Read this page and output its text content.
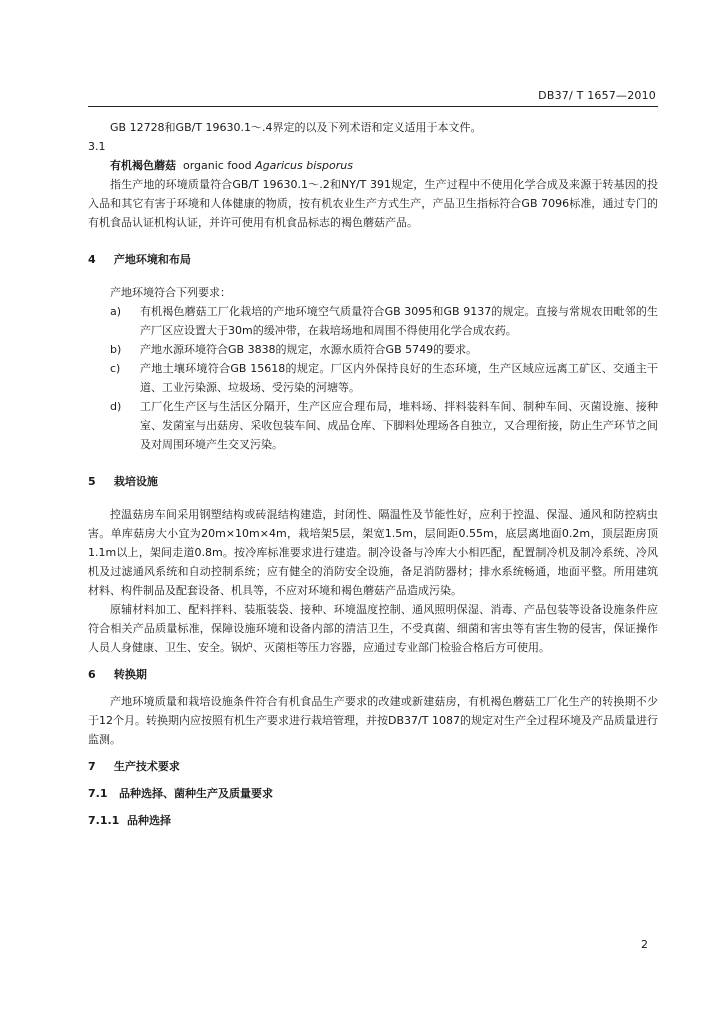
DB37/ T 1657—2010

GB 12728和GB/T 19630.1～.4界定的以及下列术语和定义适用于本文件。

3.1
有机褐色蘑菇 organic food Agaricus bisporus

指生产地的环境质量符合GB/T 19630.1～.2和NY/T 391规定，生产过程中不使用化学合成及来源于转基因的投入品和其它有害于环境和人体健康的物质，按有机农业生产方式生产，产品卫生指标符合GB 7096标准，通过专门的有机食品认证机构认证，并许可使用有机食品标志的褐色蘑菇产品。

4 产地环境和布局

产地环境符合下列要求：

a)	有机褐色蘑菇工厂化栽培的产地环境空气质量符合GB 3095和GB 9137的规定。直接与常规农田毗邻的生产厂区应设置大于30m的缓冲带，在栽培场地和周围不得使用化学合成农药。
b)	产地水源环境符合GB 3838的规定，水源水质符合GB 5749的要求。
c)	产地土壤环境符合GB 15618的规定。厂区内外保持良好的生态环境，生产区域应远离工矿区、交通主干道、工业污染源、垃圾场、受污染的河塘等。
d)	工厂化生产区与生活区分隔开，生产区应合理布局，堆料场、拌料装料车间、制种车间、灭菌设施、接种室、发菌室与出菇房、采收包装车间、成品仓库、下脚料处理场各自独立，又合理衔接，防止生产环节之间及对周围环境产生交叉污染。
5 栽培设施

控温菇房车间采用钢塑结构或砖混结构建造，封闭性、隔温性及节能性好，应利于控温、保湿、通风和防控病虫害。单库菇房大小宜为20m×10m×4m，栽培架5层，架宽1.5m，层间距0.55m，底层离地面0.2m，顶层距房顶1.1m以上，架间走道0.8m。按冷库标准要求进行建造。制冷设备与冷库大小相匹配，配置制冷机及制冷系统、冷风机及过滤通风系统和自动控制系统；应有健全的消防安全设施，备足消防器材；排水系统畅通，地面平整。所用建筑材料、构件制品及配套设备、机具等，不应对环境和褐色蘑菇产品造成污染。

原辅材料加工、配料拌料、装瓶装袋、接种、环境温度控制、通风照明保湿、消毒、产品包装等设备设施条件应符合相关产品质量标准，保障设施环境和设备内部的清洁卫生，不受真菌、细菌和害虫等有害生物的侵害，保证操作人员人身健康、卫生、安全。锅炉、灭菌柜等压力容器，应通过专业部门检验合格后方可使用。

6 转换期

产地环境质量和栽培设施条件符合有机食品生产要求的改建或新建菇房，有机褐色蘑菇工厂化生产的转换期不少于12个月。转换期内应按照有机生产要求进行栽培管理，并按DB37/T 1087的规定对生产全过程环境及产品质量进行监测。

7 生产技术要求
7.1 品种选择、菌种生产及质量要求
7.1.1 品种选择
2
